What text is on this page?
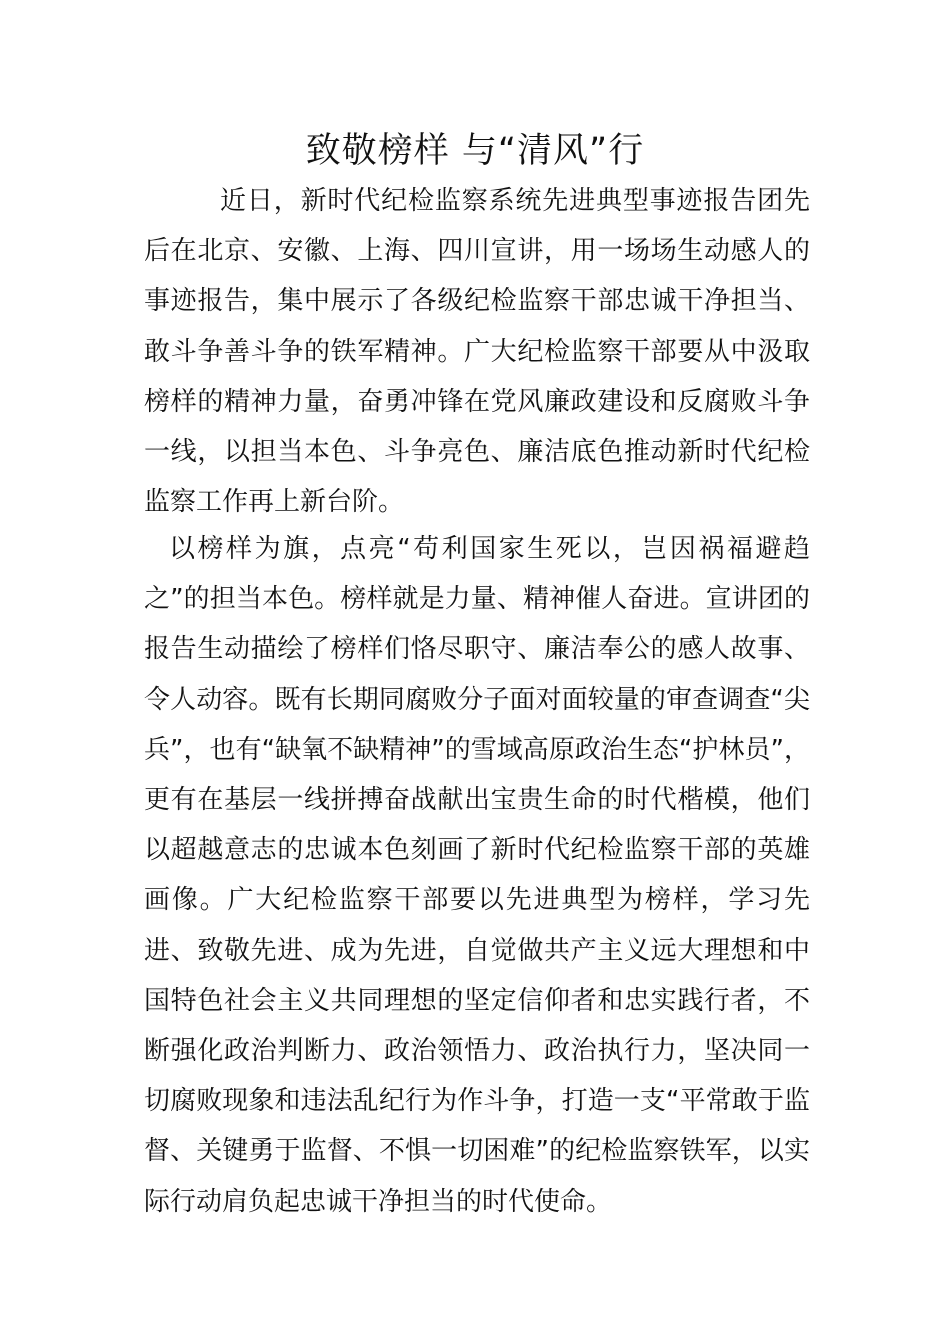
致敬榜样 与“清风”行

近日，新时代纪检监察系统先进典型事迹报告团先后在北京、安徽、上海、四川宣讲，用一场场生动感人的事迹报告，集中展示了各级纪检监察干部忠诚干净担当、敢斗争善斗争的铁军精神。广大纪检监察干部要从中汲取榜样的精神力量，奋勇冲锋在党风廉政建设和反腐败斗争一线，以担当本色、斗争亮色、廉洁底色推动新时代纪检监察工作再上新台阶。

以榜样为旗，点亮“苟利国家生死以，岂因祸福避趋之”的担当本色。榜样就是力量、精神催人奋进。宣讲团的报告生动描绘了榜样们恪尽职守、廉洁奉公的感人故事、令人动容。既有长期同腐败分子面对面较量的审查调查“尖兵”，也有“缺氧不缺精神”的雪域高原政治生态“护林员”，更有在基层一线拼搏奋战献出宝贵生命的时代楷模，他们以超越意志的忠诚本色刻画了新时代纪检监察干部的英雄画像。广大纪检监察干部要以先进典型为榜样，学习先进、致敬先进、成为先进，自觉做共产主义远大理想和中国特色社会主义共同理想的坚定信仰者和忠实践行者，不断强化政治判断力、政治领悟力、政治执行力，坚决同一切腐败现象和违法乱纪行为作斗争，打造一支“平常敢于监督、关键勇于监督、不惧一切困难”的纪检监察铁军，以实际行动肩负起忠诚干净担当的时代使命。
